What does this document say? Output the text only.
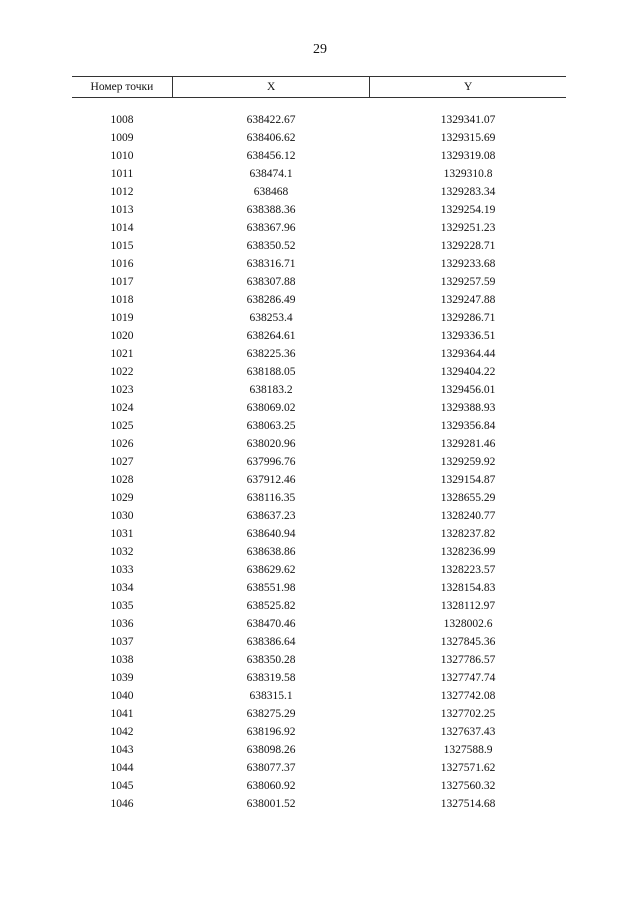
29
Номер точки	X	Y
1008	638422.67	1329341.07
1009	638406.62	1329315.69
1010	638456.12	1329319.08
1011	638474.1	1329310.8
1012	638468	1329283.34
1013	638388.36	1329254.19
1014	638367.96	1329251.23
1015	638350.52	1329228.71
1016	638316.71	1329233.68
1017	638307.88	1329257.59
1018	638286.49	1329247.88
1019	638253.4	1329286.71
1020	638264.61	1329336.51
1021	638225.36	1329364.44
1022	638188.05	1329404.22
1023	638183.2	1329456.01
1024	638069.02	1329388.93
1025	638063.25	1329356.84
1026	638020.96	1329281.46
1027	637996.76	1329259.92
1028	637912.46	1329154.87
1029	638116.35	1328655.29
1030	638637.23	1328240.77
1031	638640.94	1328237.82
1032	638638.86	1328236.99
1033	638629.62	1328223.57
1034	638551.98	1328154.83
1035	638525.82	1328112.97
1036	638470.46	1328002.6
1037	638386.64	1327845.36
1038	638350.28	1327786.57
1039	638319.58	1327747.74
1040	638315.1	1327742.08
1041	638275.29	1327702.25
1042	638196.92	1327637.43
1043	638098.26	1327588.9
1044	638077.37	1327571.62
1045	638060.92	1327560.32
1046	638001.52	1327514.68
